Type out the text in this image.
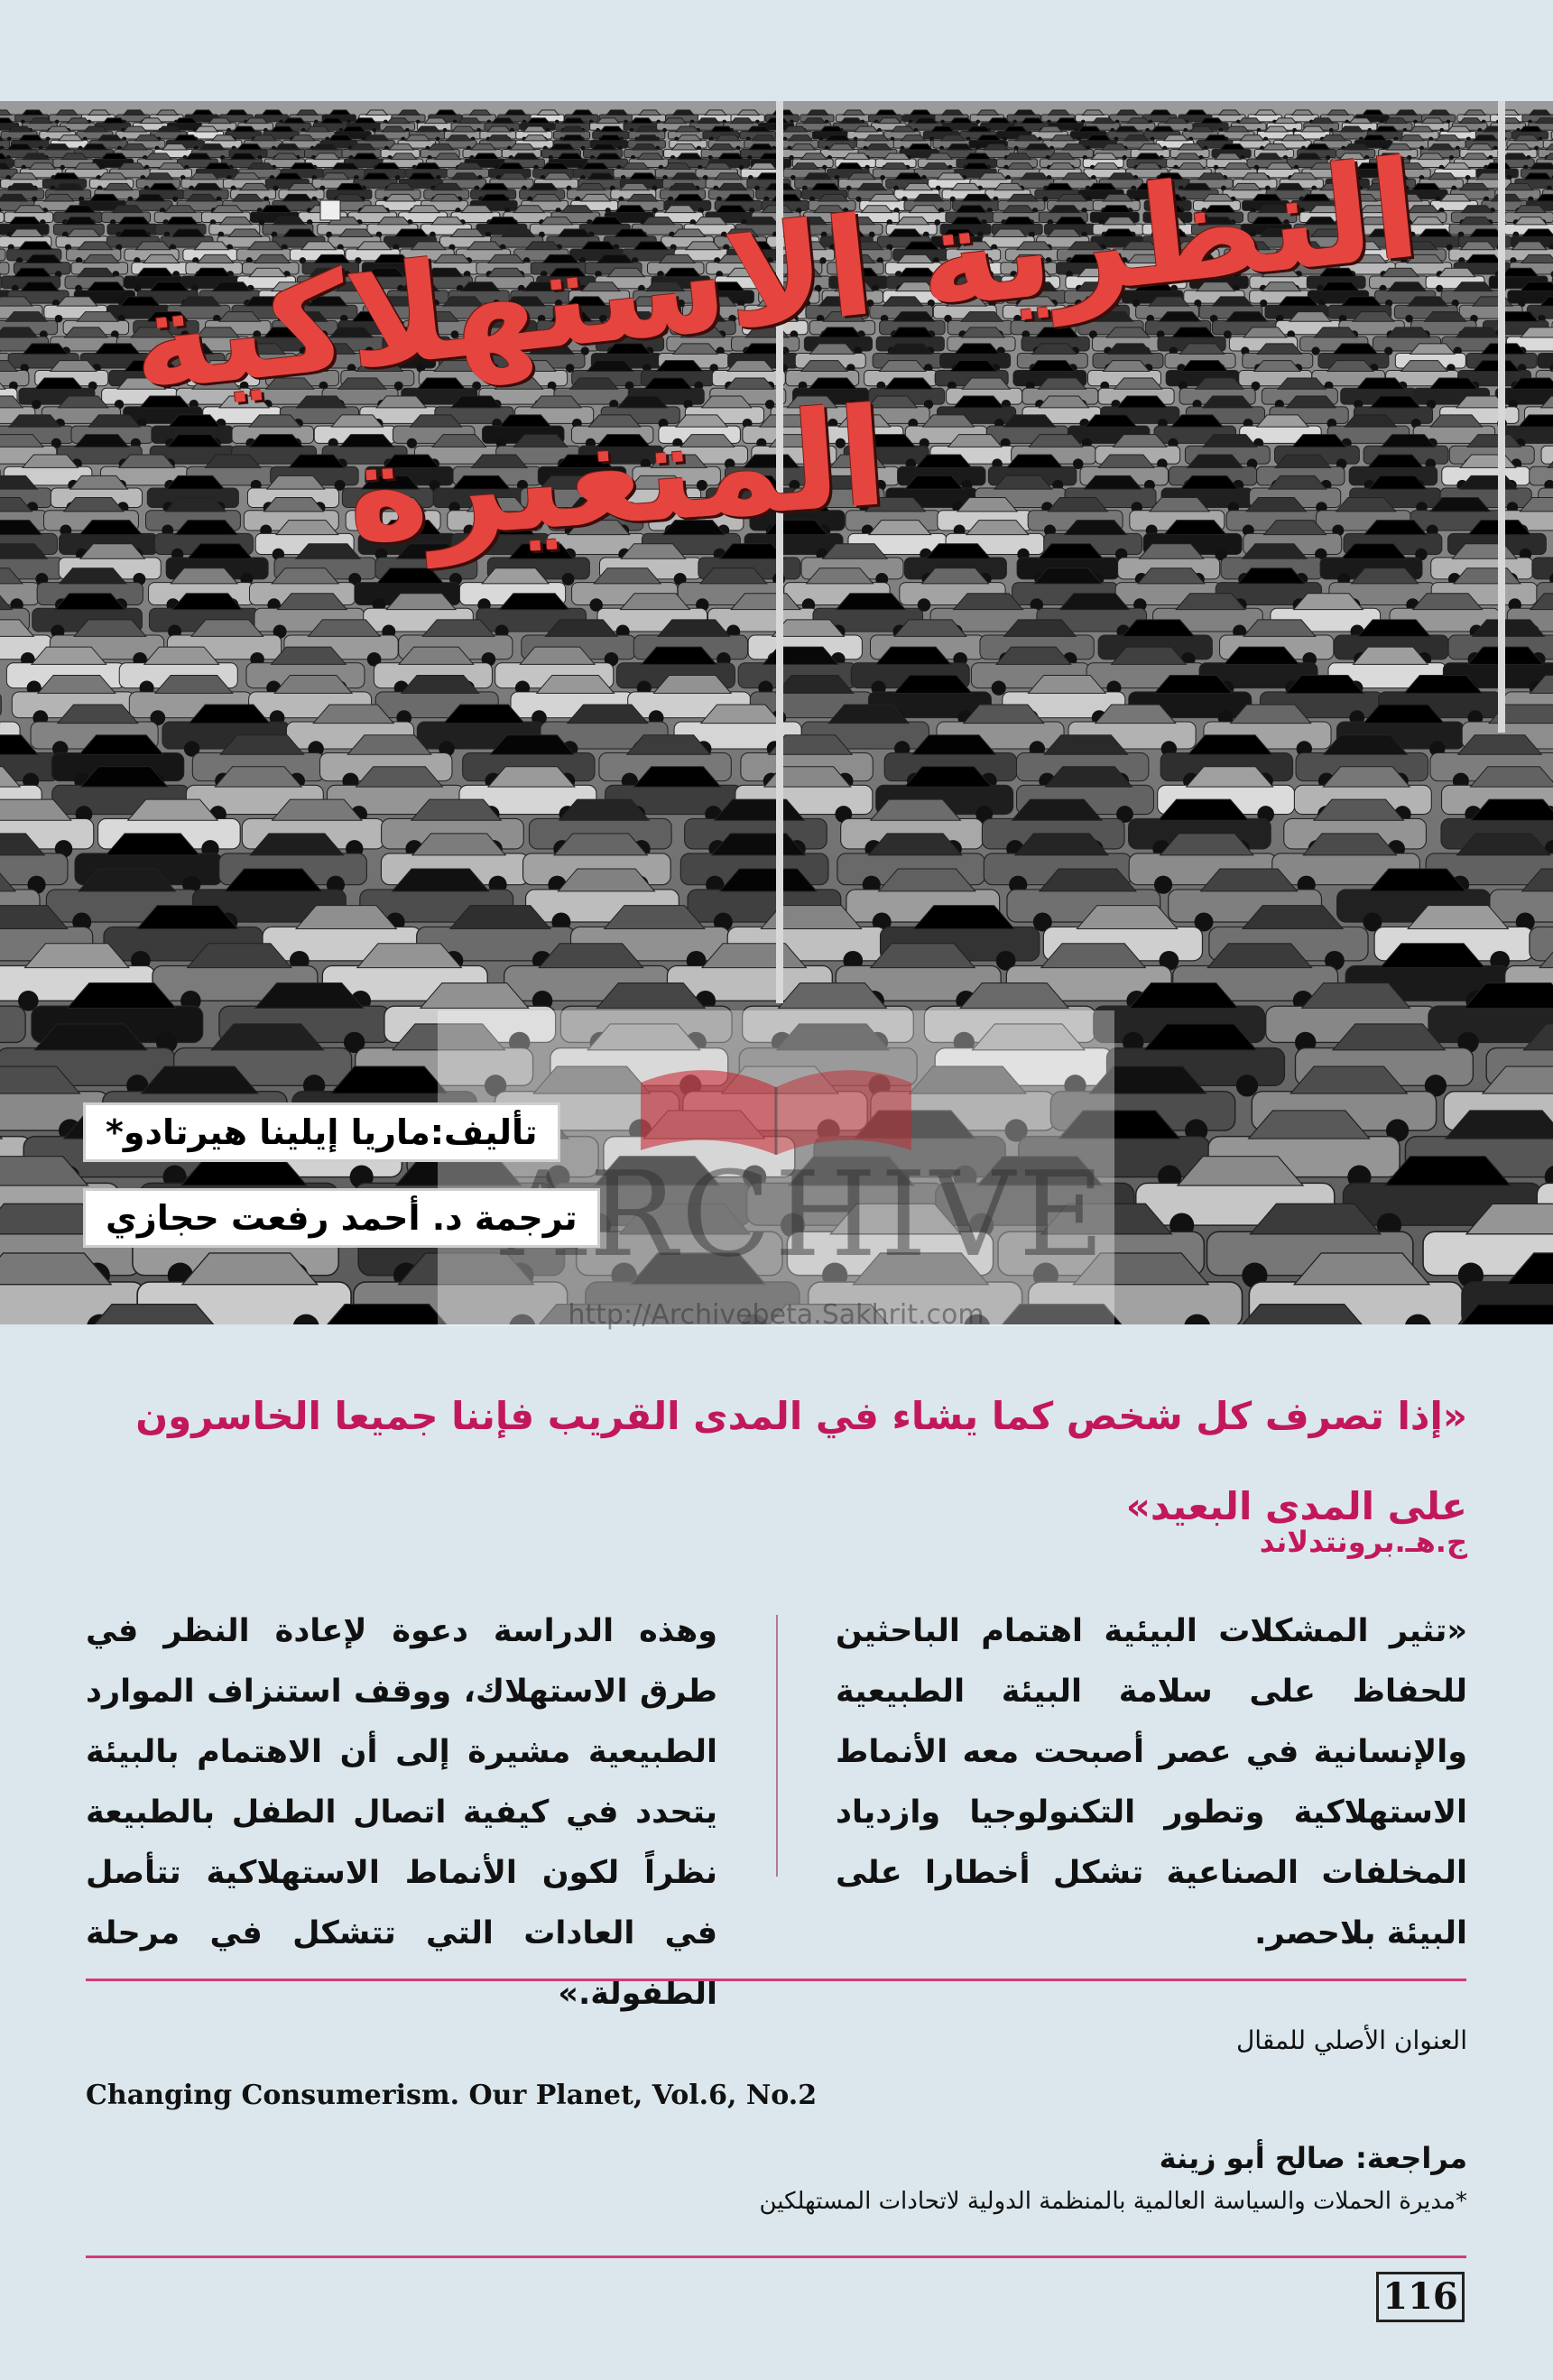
النظرية الاستهلاكية
المتغيرة
ARCHIVE
http://Archivebeta.Sakhrit.com
تأليف:ماريا إيلينا هيرتادو*
ترجمة د. أحمد رفعت حجازي
«إذا تصرف كل شخص كما يشاء في المدى القريب فإننا جميعا الخاسرون على المدى البعيد»
ج.هـ.برونتدلاند
«تثير المشكلات البيئية اهتمام الباحثين للحفاظ على سلامة البيئة الطبيعية والإنسانية في عصر أصبحت معه الأنماط الاستهلاكية وتطور التكنولوجيا وازدياد المخلفات الصناعية تشكل أخطارا على البيئة بلاحصر.
وهذه الدراسة دعوة لإعادة النظر في طرق الاستهلاك، ووقف استنزاف الموارد الطبيعية مشيرة إلى أن الاهتمام بالبيئة يتحدد في كيفية اتصال الطفل بالطبيعة نظراً لكون الأنماط الاستهلاكية تتأصل في العادات التي تتشكل في مرحلة الطفولة.»
العنوان الأصلي للمقال
Changing Consumerism. Our Planet, Vol.6, No.2
مراجعة: صالح أبو زينة
*مديرة الحملات والسياسة العالمية بالمنظمة الدولية لاتحادات المستهلكين
116
